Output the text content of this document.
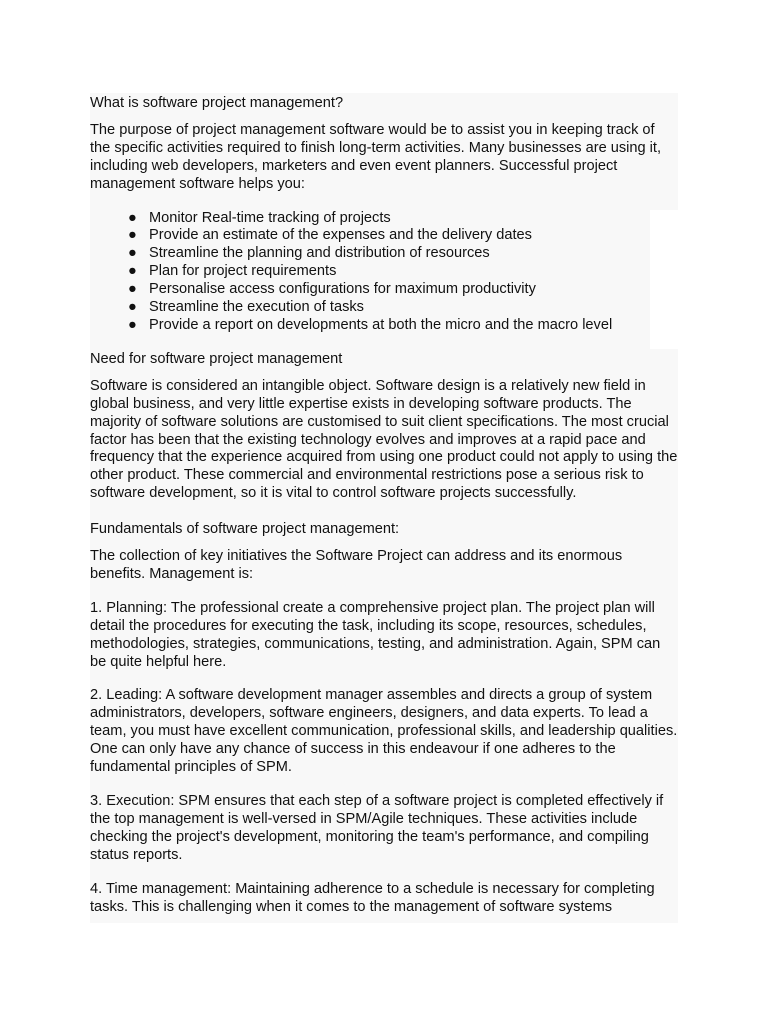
What is software project management?

The purpose of project management software would be to assist you in keeping track of the specific activities required to finish long-term activities. Many businesses are using it, including web developers, marketers and even event planners. Successful project management software helps you:

● Monitor Real-time tracking of projects
● Provide an estimate of the expenses and the delivery dates
● Streamline the planning and distribution of resources
● Plan for project requirements
● Personalise access configurations for maximum productivity
● Streamline the execution of tasks
● Provide a report on developments at both the micro and the macro level

Need for software project management

Software is considered an intangible object. Software design is a relatively new field in global business, and very little expertise exists in developing software products. The majority of software solutions are customised to suit client specifications. The most crucial factor has been that the existing technology evolves and improves at a rapid pace and frequency that the experience acquired from using one product could not apply to using the other product. These commercial and environmental restrictions pose a serious risk to software development, so it is vital to control software projects successfully.

Fundamentals of software project management:

The collection of key initiatives the Software Project can address and its enormous benefits. Management is:

1. Planning: The professional create a comprehensive project plan. The project plan will detail the procedures for executing the task, including its scope, resources, schedules, methodologies, strategies, communications, testing, and administration. Again, SPM can be quite helpful here.

2. Leading: A software development manager assembles and directs a group of system administrators, developers, software engineers, designers, and data experts. To lead a team, you must have excellent communication, professional skills, and leadership qualities. One can only have any chance of success in this endeavour if one adheres to the fundamental principles of SPM.

3. Execution: SPM ensures that each step of a software project is completed effectively if the top management is well-versed in SPM/Agile techniques. These activities include checking the project's development, monitoring the team's performance, and compiling status reports.

4. Time management: Maintaining adherence to a schedule is necessary for completing tasks. This is challenging when it comes to the management of software systems
